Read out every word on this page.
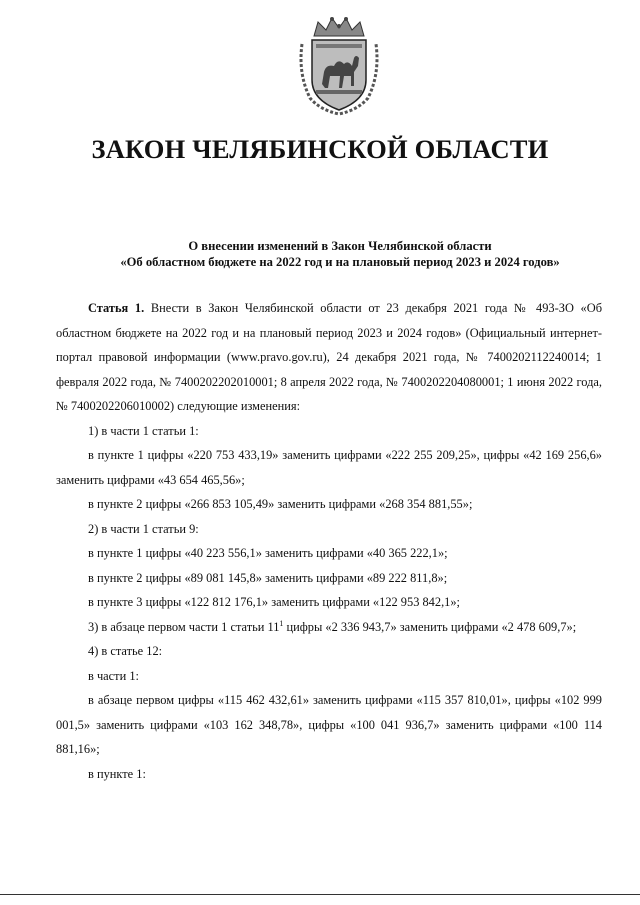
ЗАКОН ЧЕЛЯБИНСКОЙ ОБЛАСТИ
О внесении изменений в Закон Челябинской области
«Об областном бюджете на 2022 год и на плановый период 2023 и 2024 годов»

Статья 1. Внести в Закон Челябинской области от 23 декабря 2021 года № 493-ЗО «Об областном бюджете на 2022 год и на плановый период 2023 и 2024 годов» (Официальный интернет-портал правовой информации (www.pravo.gov.ru), 24 декабря 2021 года, № 7400202112240014; 1 февраля 2022 года, № 7400202202010001; 8 апреля 2022 года, № 7400202204080001; 1 июня 2022 года, № 7400202206010002) следующие изменения:

1) в части 1 статьи 1:

в пункте 1 цифры «220 753 433,19» заменить цифрами «222 255 209,25», цифры «42 169 256,6» заменить цифрами «43 654 465,56»;

в пункте 2 цифры «266 853 105,49» заменить цифрами «268 354 881,55»;

2) в части 1 статьи 9:

в пункте 1 цифры «40 223 556,1» заменить цифрами «40 365 222,1»;

в пункте 2 цифры «89 081 145,8» заменить цифрами «89 222 811,8»;

в пункте 3 цифры «122 812 176,1» заменить цифрами «122 953 842,1»;

3) в абзаце первом части 1 статьи $11^1$ цифры «2 336 943,7» заменить цифрами «2 478 609,7»;

4) в статье 12:

в части 1:

в абзаце первом цифры «115 462 432,61» заменить цифрами «115 357 810,01», цифры «102 999 001,5» заменить цифрами «103 162 348,78», цифры «100 041 936,7» заменить цифрами «100 114 881,16»;

в пункте 1:
